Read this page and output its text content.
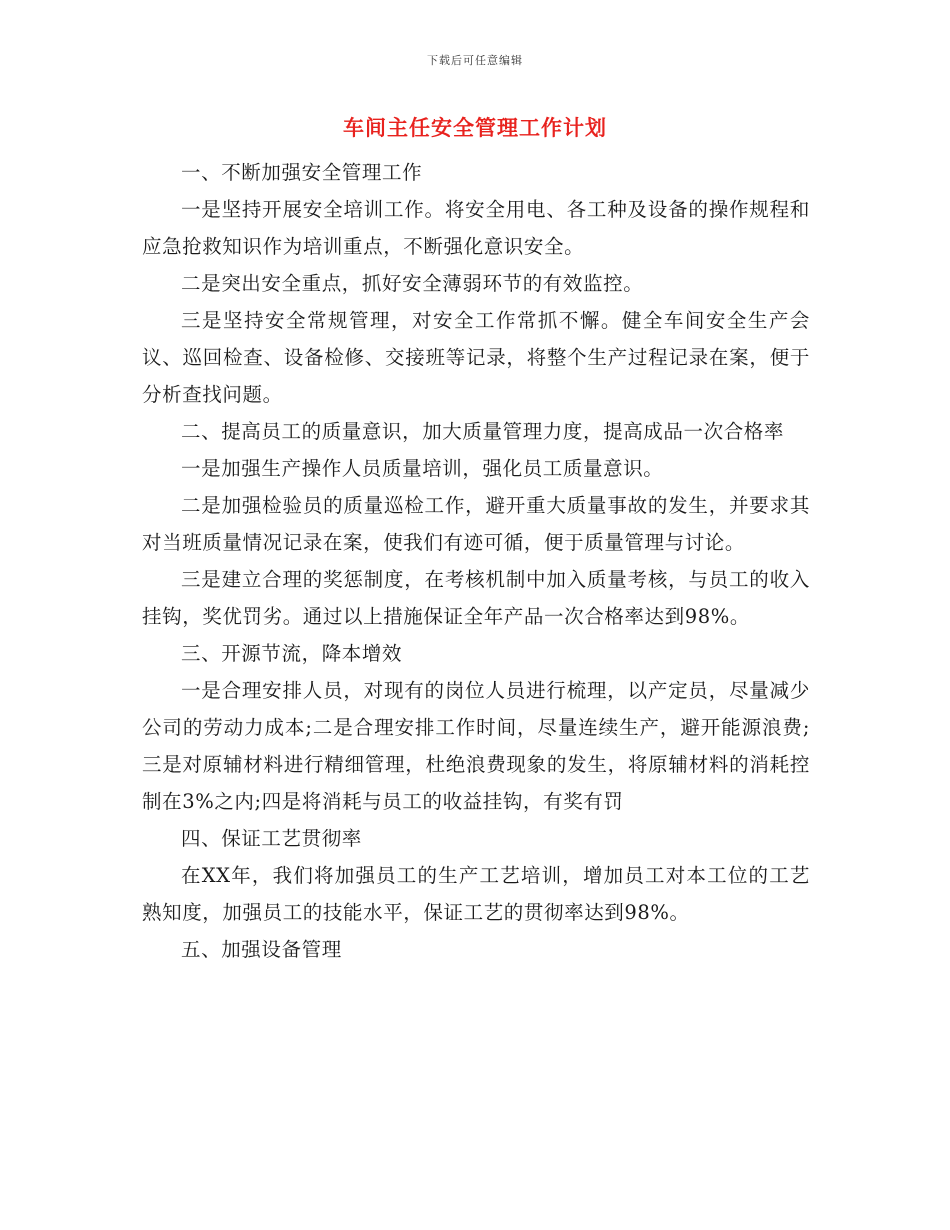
下载后可任意编辑
车间主任安全管理工作计划

一、不断加强安全管理工作

一是坚持开展安全培训工作。将安全用电、各工种及设备的操作规程和应急抢救知识作为培训重点，不断强化意识安全。

二是突出安全重点，抓好安全薄弱环节的有效监控。

三是坚持安全常规管理，对安全工作常抓不懈。健全车间安全生产会议、巡回检查、设备检修、交接班等记录，将整个生产过程记录在案，便于分析查找问题。

二、提高员工的质量意识，加大质量管理力度，提高成品一次合格率

一是加强生产操作人员质量培训，强化员工质量意识。

二是加强检验员的质量巡检工作，避开重大质量事故的发生，并要求其对当班质量情况记录在案，使我们有迹可循，便于质量管理与讨论。

三是建立合理的奖惩制度，在考核机制中加入质量考核，与员工的收入挂钩，奖优罚劣。通过以上措施保证全年产品一次合格率达到98%。

三、开源节流，降本增效

一是合理安排人员，对现有的岗位人员进行梳理，以产定员，尽量减少公司的劳动力成本;二是合理安排工作时间，尽量连续生产，避开能源浪费;三是对原辅材料进行精细管理，杜绝浪费现象的发生，将原辅材料的消耗控制在3%之内;四是将消耗与员工的收益挂钩，有奖有罚

四、保证工艺贯彻率

在XX年，我们将加强员工的生产工艺培训，增加员工对本工位的工艺熟知度，加强员工的技能水平，保证工艺的贯彻率达到98%。

五、加强设备管理
